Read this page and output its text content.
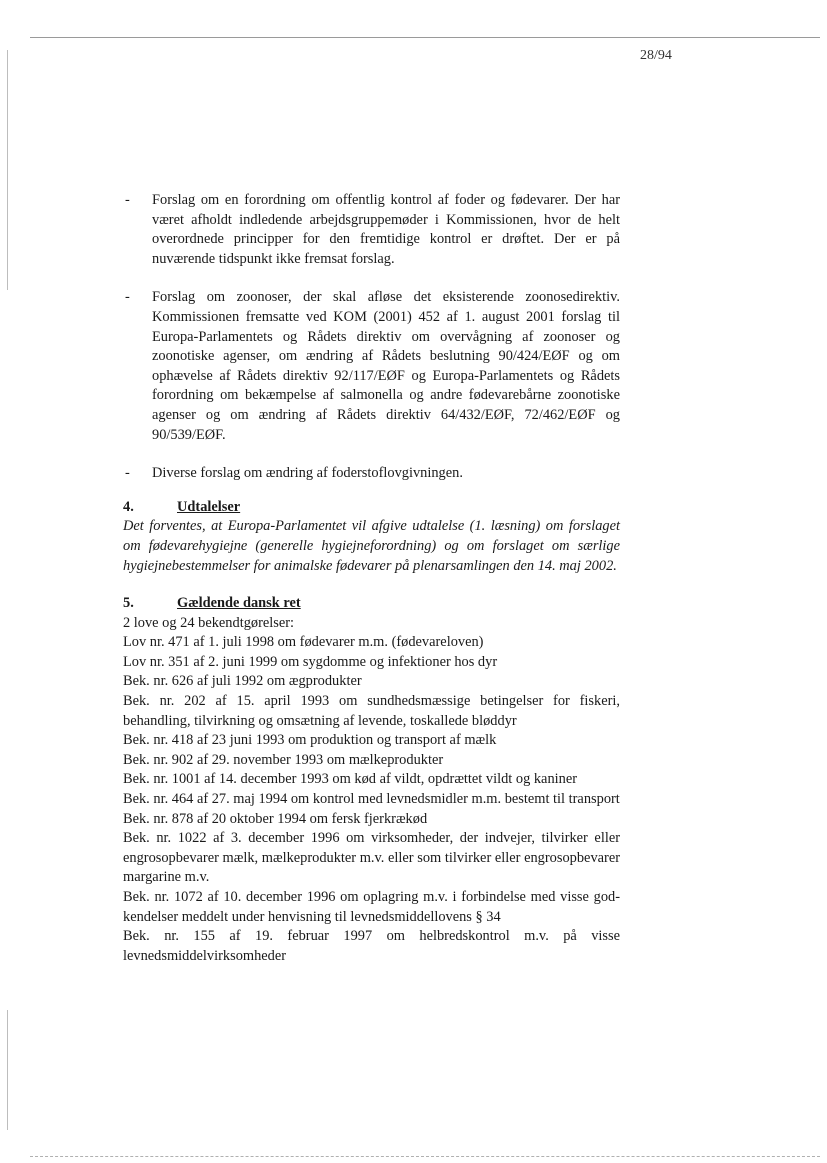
28/94
- Forslag om en forordning om offentlig kontrol af foder og fødevarer. Der har været afholdt indledende arbejdsgruppemøder i Kommissionen, hvor de helt overordnede principper for den fremtidige kontrol er drøftet. Der er på nuværende tidspunkt ikke fremsat forslag.
- Forslag om zoonoser, der skal afløse det eksisterende zoonosedirektiv. Kommissionen fremsatte ved KOM (2001) 452 af 1. august 2001 forslag til Europa-Parlamentets og Rådets direktiv om overvågning af zoonoser og zoonotiske agenser, om ændring af Rådets beslutning 90/424/EØF og om ophævelse af Rådets direktiv 92/117/EØF og Europa-Parlamentets og Rådets forordning om bekæmpelse af salmonella og andre fødevarebårne zoonotiske agenser og om ændring af Rådets direktiv 64/432/EØF, 72/462/EØF og 90/539/EØF.
- Diverse forslag om ændring af foderstoflovgivningen.
4.	Udtalelser
Det forventes, at Europa-Parlamentet vil afgive udtalelse (1. læsning) om forslaget om fødevarehygiejne (generelle hygiejneforordning) og om forslaget om særlige hygiejnebestemmelser for animalske fødevarer på plenarsamlingen den 14. maj 2002.
5.	Gældende dansk ret
2 love og 24 bekendtgørelser:
Lov nr. 471 af 1. juli 1998 om fødevarer m.m. (fødevareloven)
Lov nr. 351 af 2. juni 1999 om sygdomme og infektioner hos dyr
Bek. nr. 626 af juli 1992 om ægprodukter
Bek. nr. 202 af 15. april 1993 om sundhedsmæssige betingelser for fiskeri, behandling, tilvirkning og omsætning af levende, toskallede bløddyr
Bek. nr. 418 af 23 juni 1993 om produktion og transport af mælk
Bek. nr. 902 af 29. november 1993 om mælkeprodukter
Bek. nr. 1001 af 14. december 1993 om kød af vildt, opdrættet vildt og kaniner
Bek. nr. 464 af 27. maj 1994 om kontrol med levnedsmidler m.m. bestemt til transport
Bek. nr. 878 af 20 oktober 1994 om fersk fjerkrækød
Bek. nr. 1022 af 3. december 1996 om virksomheder, der indvejer, tilvirker eller engrosopbevarer mælk, mælkeprodukter m.v. eller som tilvirker eller engrosopbevarer margarine m.v.
Bek. nr. 1072 af 10. december 1996 om oplagring m.v. i forbindelse med visse god-kendelser meddelt under henvisning til levnedsmiddellovens § 34
Bek. nr. 155 af 19. februar 1997 om helbredskontrol m.v. på visse levnedsmiddelvirksomheder
